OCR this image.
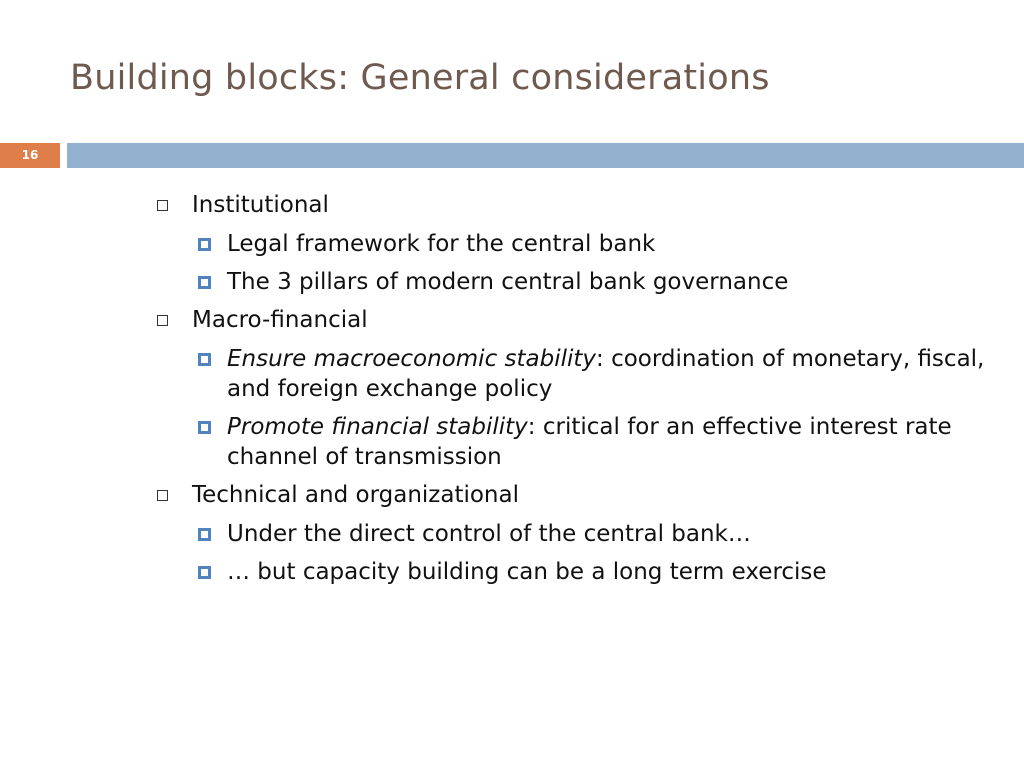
Building blocks: General considerations
16
Institutional
Legal framework for the central bank
The 3 pillars of modern central bank governance
Macro-financial
Ensure macroeconomic stability: coordination of monetary, fiscal, and foreign exchange policy
Promote financial stability: critical for an effective interest rate channel of transmission
Technical and organizational
Under the direct control of the central bank…
… but capacity building can be a long term exercise
